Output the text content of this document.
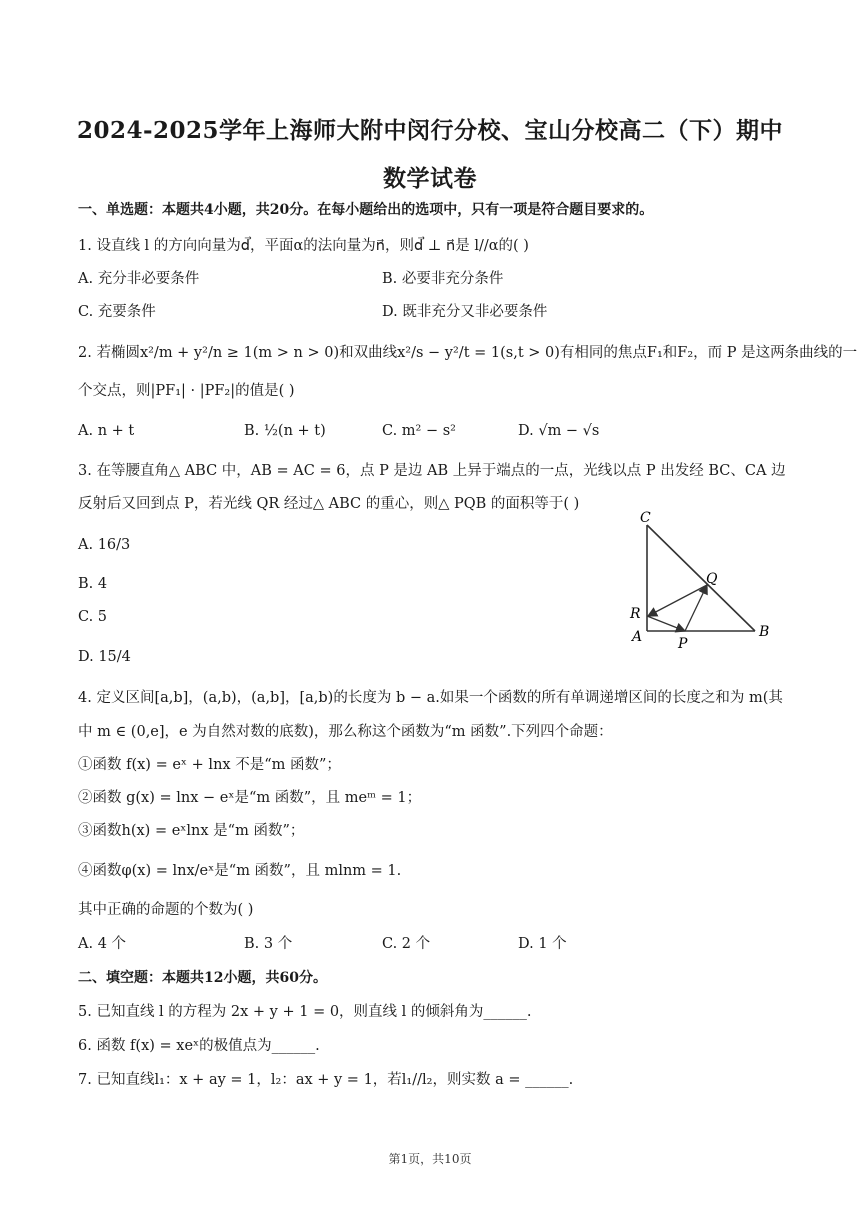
2024-2025学年上海师大附中闵行分校、宝山分校高二（下）期中
数学试卷
一、单选题：本题共4小题，共20分。在每小题给出的选项中，只有一项是符合题目要求的。
1. 设直线 l 的方向向量为d⃗，平面α的法向量为n⃗，则d⃗ ⊥ n⃗是 l//α的( )
A. 充分非必要条件	B. 必要非充分条件
C. 充要条件	D. 既非充分又非必要条件
2. 若椭圆x²/m + y²/n ≥ 1(m > n > 0)和双曲线x²/s − y²/t = 1(s,t > 0)有相同的焦点F₁和F₂，而 P 是这两条曲线的一
个交点，则|PF₁| · |PF₂|的值是( )
A. n + t	B. ½(n + t)	C. m² − s²	D. √m − √s
3. 在等腰直角△ ABC 中，AB = AC = 6，点 P 是边 AB 上异于端点的一点，光线以点 P 出发经 BC、CA 边
反射后又回到点 P，若光线 QR 经过△ ABC 的重心，则△ PQB 的面积等于( )
A. 16/3
B. 4
C. 5
D. 15/4
C
Q
R
A	P
B
4. 定义区间[a,b]，(a,b)，(a,b]，[a,b)的长度为 b − a.如果一个函数的所有单调递增区间的长度之和为 m(其
中 m ∈ (0,e]，e 为自然对数的底数)，那么称这个函数为“m 函数”.下列四个命题：
①函数 f(x) = eˣ + lnx 不是“m 函数”；
②函数 g(x) = lnx − eˣ是“m 函数”，且 meᵐ = 1；
③函数h(x) = eˣlnx 是“m 函数”；
④函数φ(x) = lnx/eˣ是“m 函数”，且 mlnm = 1.
其中正确的命题的个数为( )
A. 4 个	B. 3 个	C. 2 个	D. 1 个
二、填空题：本题共12小题，共60分。
5. 已知直线 l 的方程为 2x + y + 1 = 0，则直线 l 的倾斜角为______.
6. 函数 f(x) = xeˣ的极值点为______.
7. 已知直线l₁：x + ay = 1，l₂：ax + y = 1，若l₁//l₂，则实数 a = ______.
第1页，共10页
